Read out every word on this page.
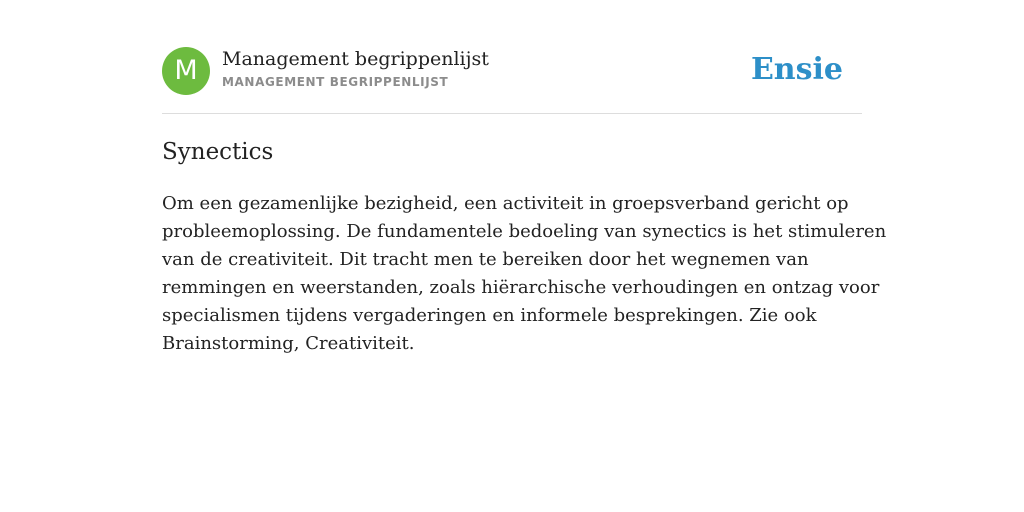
M	Management begrippenlijst
MANAGEMENT BEGRIPPENLIJST	Ensie
Synectics
Om een gezamenlijke bezigheid, een activiteit in groepsverband gericht op
probleemoplossing. De fundamentele bedoeling van synectics is het stimuleren
van de creativiteit. Dit tracht men te bereiken door het wegnemen van
remmingen en weerstanden, zoals hiërarchische verhoudingen en ontzag voor
specialismen tijdens vergaderingen en informele besprekingen. Zie ook
Brainstorming, Creativiteit.
